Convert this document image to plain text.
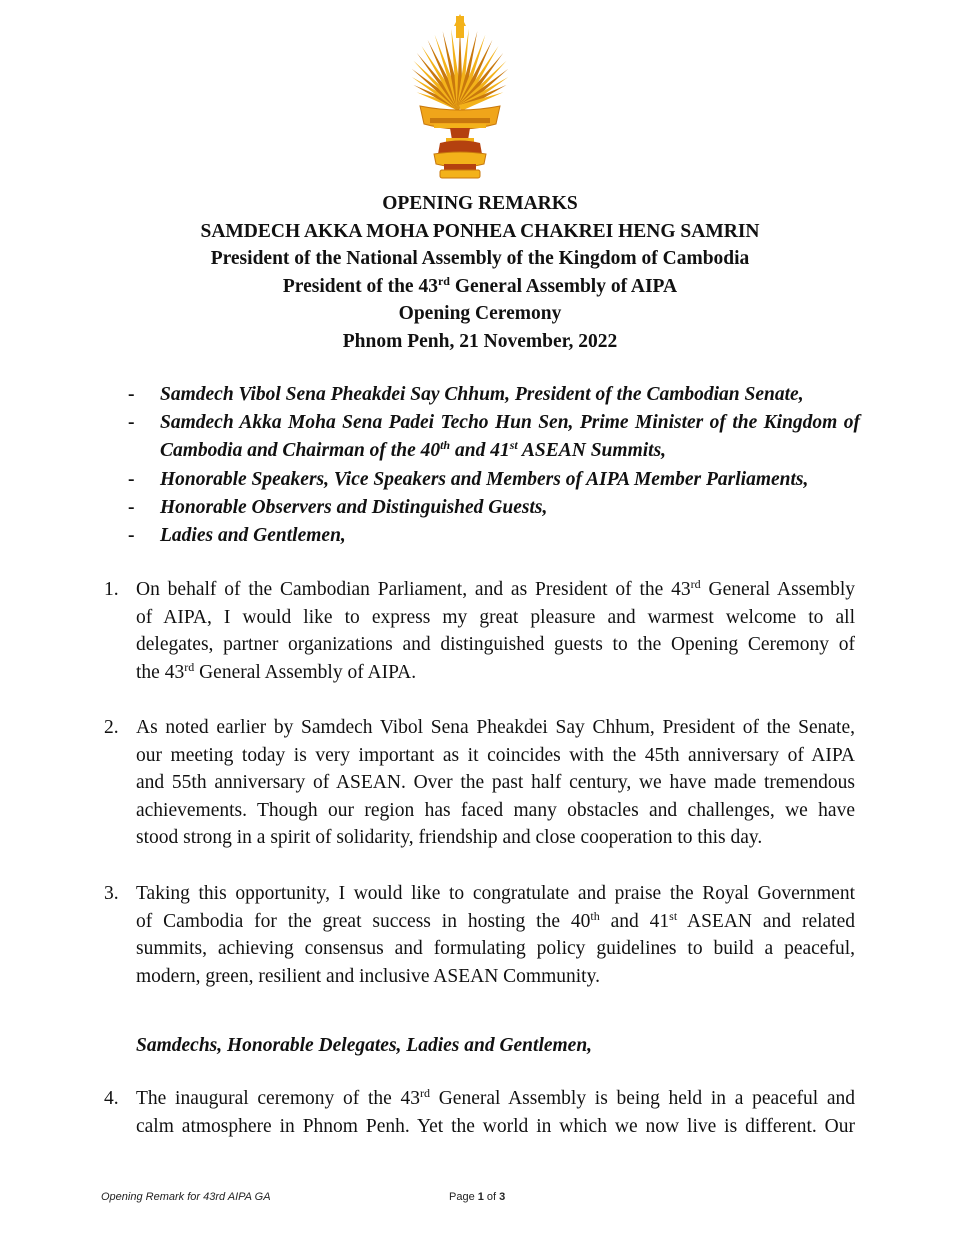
OPENING REMARKS
SAMDECH AKKA MOHA PONHEA CHAKREI HENG SAMRIN
President of the National Assembly of the Kingdom of Cambodia
President of the 43rd General Assembly of AIPA
Opening Ceremony
Phnom Penh, 21 November, 2022
- Samdech Vibol Sena Pheakdei Say Chhum, President of the Cambodian Senate,
- Samdech Akka Moha Sena Padei Techo Hun Sen, Prime Minister of the Kingdom of Cambodia and Chairman of the 40th and 41st ASEAN Summits,
- Honorable Speakers, Vice Speakers and Members of AIPA Member Parliaments,
- Honorable Observers and Distinguished Guests,
- Ladies and Gentlemen,
1. On behalf of the Cambodian Parliament, and as President of the 43rd General Assembly
of AIPA, I would like to express my great pleasure and warmest welcome to all
delegates, partner organizations and distinguished guests to the Opening Ceremony of
the 43rd General Assembly of AIPA.
2. As noted earlier by Samdech Vibol Sena Pheakdei Say Chhum, President of the Senate,
our meeting today is very important as it coincides with the 45th anniversary of AIPA
and 55th anniversary of ASEAN. Over the past half century, we have made tremendous
achievements. Though our region has faced many obstacles and challenges, we have
stood strong in a spirit of solidarity, friendship and close cooperation to this day.
3. Taking this opportunity, I would like to congratulate and praise the Royal Government
of Cambodia for the great success in hosting the 40th and 41st ASEAN and related
summits, achieving consensus and formulating policy guidelines to build a peaceful,
modern, green, resilient and inclusive ASEAN Community.
Samdechs, Honorable Delegates, Ladies and Gentlemen,
4. The inaugural ceremony of the 43rd General Assembly is being held in a peaceful and
calm atmosphere in Phnom Penh. Yet the world in which we now live is different. Our
Opening Remark for 43rd AIPA GA	Page 1 of 3
